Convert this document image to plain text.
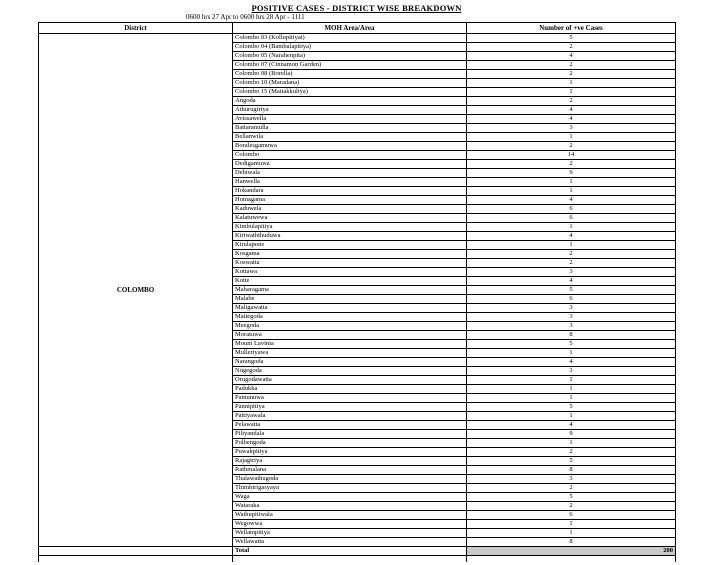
POSITIVE CASES - DISTRICT WISE BREAKDOWN
0600 hrs 27 Apr to 0600 hrs 28 Apr - 1111
District	MOH Area/Area	Number of +ve Cases
COLOMBO	Colombo 03 (Kollupitiyat)	5
	Colombo 04 (Bambalapitiya)	2
	Colombo 05 (Narahenpita)	4
	Colombo 07 (Cinnamon Garden)	2
	Colombo 08 (Borella)	2
	Colombo 10 (Maradana)	1
	Colombo 15 (Mattakkuliya)	1
	Angoda	2
	Athurugiriya	4
	Avissawella	4
	Battaramulla	3
	Bellanwila	1
	Boralesgamuwa	2
	Colombo	14
	Dedigamuwa	2
	Dehiwala	9
	Hanwella	1
	Hokandara	1
	Homagama	4
	Kaduwela	6
	Kalatuwewa	6
	Kimbulapitiya	1
	Kiriwaththuduwa	4
	Kirulapone	1
	Kosgama	2
	Koswatta	2
	Kottawa	3
	Kotte	4
	Maharagama	5
	Malabe	6
	Maligawatta	3
	Mattegoda	3
	Meegoda	3
	Moratuwa	8
	Mount Lavinia	5
	Mulleriyawa	1
	Narangoda	4
	Nugegoda	3
	Orugodawatta	1
	Padukka	1
	Pamunuwa	1
	Pannipitiya	5
	Pattiyawala	1
	Pelawatta	4
	Piliyandala	9
	Polhengoda	1
	Puwakpitiya	2
	Rajagiriya	5
	Rathmalana	8
	Thalawathugoda	3
	Thimbirigasyaya	2
	Waga	5
	Wataraka	2
	Wathupitiwala	6
	Wegowwa	1
	Wellampitiya	1
	Wellawatta	8
	Total	200
